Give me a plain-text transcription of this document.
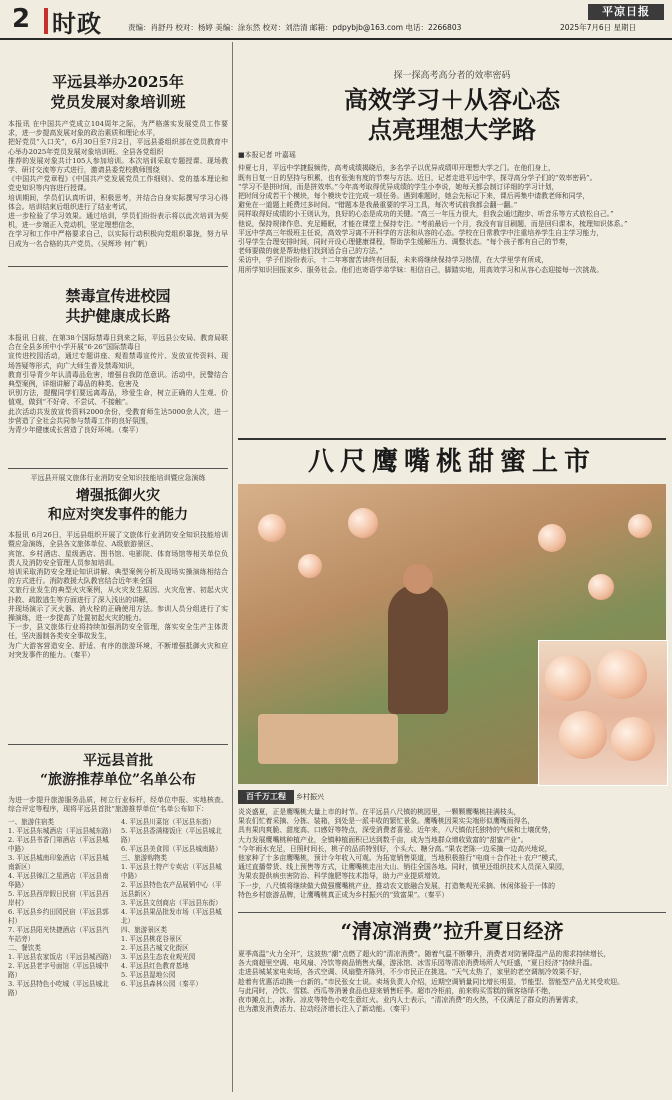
2 时政	责编：肖舒丹 校对：杨婷 美编：涂东然 校对：刘浩清 邮箱：pdpybjb@163.com 电话：2266803
平凉日报
2025年7月6日 星期日
平远县举办2025年
党员发展对象培训班
本报讯 在中国共产党成立104周年之际，为严格落实发展党员工作要求，进一步提高发展对象的政治素质和理论水平，
把好党员“入口关”，6月30日至7月2日，平远县委组织部在党员教育中心举办2025年党员发展对象培训班。全县各党组织
推荐的发展对象共计105人参加培训。本次培训采取专题授课、现场教学、研讨交流等方式进行，邀请县委党校教师围绕
《中国共产党章程》《中国共产党发展党员工作细则》、党的基本理论和党史知识等内容进行授课。
培训期间，学员们认真听讲，积极思考，并结合自身实际撰写学习心得体会。培训结束后组织进行了结业考试，
进一步检验了学习效果。通过培训，学员们纷纷表示将以此次培训为契机，进一步端正入党动机，坚定理想信念，
在学习和工作中严格要求自己，以实际行动积极向党组织靠拢，努力早日成为一名合格的共产党员。（吴辉珍 何广帆）
禁毒宣传进校园
共护健康成长路
本报讯 日前，在第38个国际禁毒日到来之际，平远县公安局、教育局联合在全县多所中小学开展“6·26”国际禁毒日
宣传进校园活动，通过专题讲座、观看禁毒宣传片、发放宣传资料、现场答疑等形式，向广大师生普及禁毒知识，
教育引导青少年认清毒品危害，增强自我防范意识。活动中，民警结合典型案例，详细讲解了毒品的种类、危害及
识别方法，提醒同学们要远离毒品，珍爱生命，树立正确的人生观、价值观，做到“不好奇、不尝试、不接触”。
此次活动共发放宣传资料2000余份，受教育师生达5000余人次，进一步营造了全社会共同参与禁毒工作的良好氛围，
为青少年健康成长营造了良好环境。（秦平）
平远县开展文旅体行业消防安全知识技能培训暨应急演练
增强抵御火灾
和应对突发事件的能力
本报讯 6月26日，平远县组织开展了文旅体行业消防安全知识技能培训暨应急演练，全县各文旅体单位、A级旅游景区、
宾馆、乡村酒店、星级酒店、图书馆、电影院、体育场馆等相关单位负责人及消防安全管理人员参加培训。
培训采取消防安全理论知识讲解、典型案例分析及现场实操演练相结合的方式进行。消防救援大队教官结合近年来全国
文旅行业发生的典型火灾案例，从火灾发生原因、火灾危害、初起火灾扑救、疏散逃生等方面进行了深入浅出的讲解，
并现场演示了灭火器、消火栓的正确使用方法。参训人员分组进行了实操演练，进一步提高了处置初起火灾的能力。
下一步，县文旅体行业将持续加强消防安全管理，落实安全生产主体责任，坚决遏制各类安全事故发生，
为广大游客营造安全、舒适、有序的旅游环境，不断增强抵御火灾和应对突发事件的能力。（秦平）
平远县首批
“旅游推荐单位”名单公布
为进一步提升旅游服务品质，树立行业标杆，经单位申报、实地核查、综合评定等程序，现将平远县首批“旅游推荐单位”名单公布如下：
一、旅游住宿类
1. 平远县东城酒店（平远县城东路）
2. 平远县书香门第酒店（平远县城中路）
3. 平远县城南印象酒店（平远县城南新区）
4. 平远县锦江之星酒店（平远县南华路）
5. 平远县西岸假日民宿（平远县西岸村）
6. 平远县乡约田园民宿（平远县郭村）
7. 平远县阳光快捷酒店（平远县汽车站旁）
二、餐饮类
1. 平远县农家饭店（平远县城西路）
2. 平远县老字号面馆（平远县城中路）
3. 平远县特色小吃城（平远县城北路）
4. 平远县川菜馆（平远县东街）
5. 平远县香满楼饭庄（平远县城北路）
6. 平远县美食园（平远县城南路）
三、旅游购物类
1. 平远县土特产专卖店（平远县城中路）
2. 平远县特色农产品展销中心（平远县新区）
3. 平远县文创商店（平远县东街）
4. 平远县果品批发市场（平远县城北）
四、旅游景区类
1. 平远县桃花谷景区
2. 平远县古城文化街区
3. 平远县生态农业观光园
4. 平远县红色教育基地
5. 平远县湿地公园
6. 平远县森林公园（秦平）
探一探高考高分者的效率密码
高效学习＋从容心态
点亮理想大学路
■本报记者 叶嘉瑶
仲夏七月，平远中学捷报频传，高考成绩揭晓后，多名学子以优异成绩叩开理想大学之门。在他们身上，
既有日复一日的坚持与积累，也有张弛有度的节奏与方法。近日，记者走进平远中学，探寻高分学子们的“效率密码”。
“学习不是拼时间，而是拼效率。”今年高考取得优异成绩的学生小李说，她每天都会制订详细的学习计划，
把时间分成若干个模块，每个模块专注完成一项任务。遇到难题时，她会先标记下来，课后再集中请教老师和同学，
避免在一道题上耗费过多时间。“错题本是我最重要的学习工具，每次考试前我都会翻一翻。”
同样取得好成绩的小王则认为，良好的心态是成功的关键。“高三一年压力很大，但我会通过跑步、听音乐等方式放松自己。”
他说，保持规律作息、充足睡眠，才能在课堂上保持专注。“考前最后一个月，我没有盲目刷题，而是回归课本，梳理知识体系。”
平远中学高三年级班主任说，高效学习离不开科学的方法和从容的心态。学校在日常教学中注重培养学生自主学习能力，
引导学生合理安排时间，同时开设心理健康课程，帮助学生缓解压力、调整状态。“每个孩子都有自己的节奏，
老师要做的就是帮助他们找到适合自己的方法。”
采访中，学子们纷纷表示，十二年寒窗苦读终有回报，未来将继续保持学习热情，在大学里学有所成，
用所学知识回报家乡、服务社会。他们也寄语学弟学妹：相信自己，脚踏实地，用高效学习和从容心态迎接每一次挑战。
八尺鹰嘴桃甜蜜上市
百千万工程	乡村振兴
炎炎盛夏，正是鹰嘴桃大量上市的时节。在平远县八尺镇的桃园里，一颗颗鹰嘴桃挂满枝头，
果农们忙着采摘、分拣、装箱，到处是一派丰收的繁忙景象。鹰嘴桃因果实尖端形似鹰嘴而得名，
具有果肉爽脆、甜度高、口感好等特点，深受消费者喜爱。近年来，八尺镇依托独特的气候和土壤优势，
大力发展鹰嘴桃种植产业，全镇种植面积已达到数千亩，成为当地群众增收致富的“甜蜜产业”。
“今年雨水充足，日照时间长，桃子的品质特别好，个头大、糖分高。”果农老陈一边采摘一边高兴地说，
他家种了十多亩鹰嘴桃，预计今年收入可观。为拓宽销售渠道，当地积极推行“电商＋合作社＋农户”模式，
通过直播带货、线上预售等方式，让鹰嘴桃走出大山、销往全国各地。同时，镇里还组织技术人员深入果园，
为果农提供病虫害防治、科学施肥等技术指导，助力产业提质增效。
下一步，八尺镇将继续做大做强鹰嘴桃产业，推动农文旅融合发展，打造集观光采摘、休闲体验于一体的
特色乡村旅游品牌，让鹰嘴桃真正成为乡村振兴的“致富果”。（秦平）
“清凉消费”拉升夏日经济
夏季高温“火力全开”，这波热“潮”点燃了超火的“清凉消费”。随着气温不断攀升，消费者对防暑降温产品的需求持续增长，
各大商超里空调、电风扇、冷饮等商品销售火爆，游泳馆、冰雪乐园等清凉消费场所人气旺盛，“夏日经济”持续升温。
走进县城某家电卖场，各式空调、风扇整齐陈列，不少市民正在挑选。“天气太热了，家里的老空调制冷效果不好，
趁着有优惠活动换一台新的。”市民张女士说。卖场负责人介绍，近期空调销量同比增长明显，节能型、智能型产品尤其受欢迎。
与此同时，冷饮、雪糕、西瓜等消暑食品也迎来销售旺季。超市冷柜前，前来购买雪糕的顾客络绎不绝，
夜市摊点上，冰粉、凉皮等特色小吃生意红火。业内人士表示，“清凉消费”的火热，不仅满足了群众的消暑需求，
也为激发消费活力、拉动经济增长注入了新动能。（秦平）
